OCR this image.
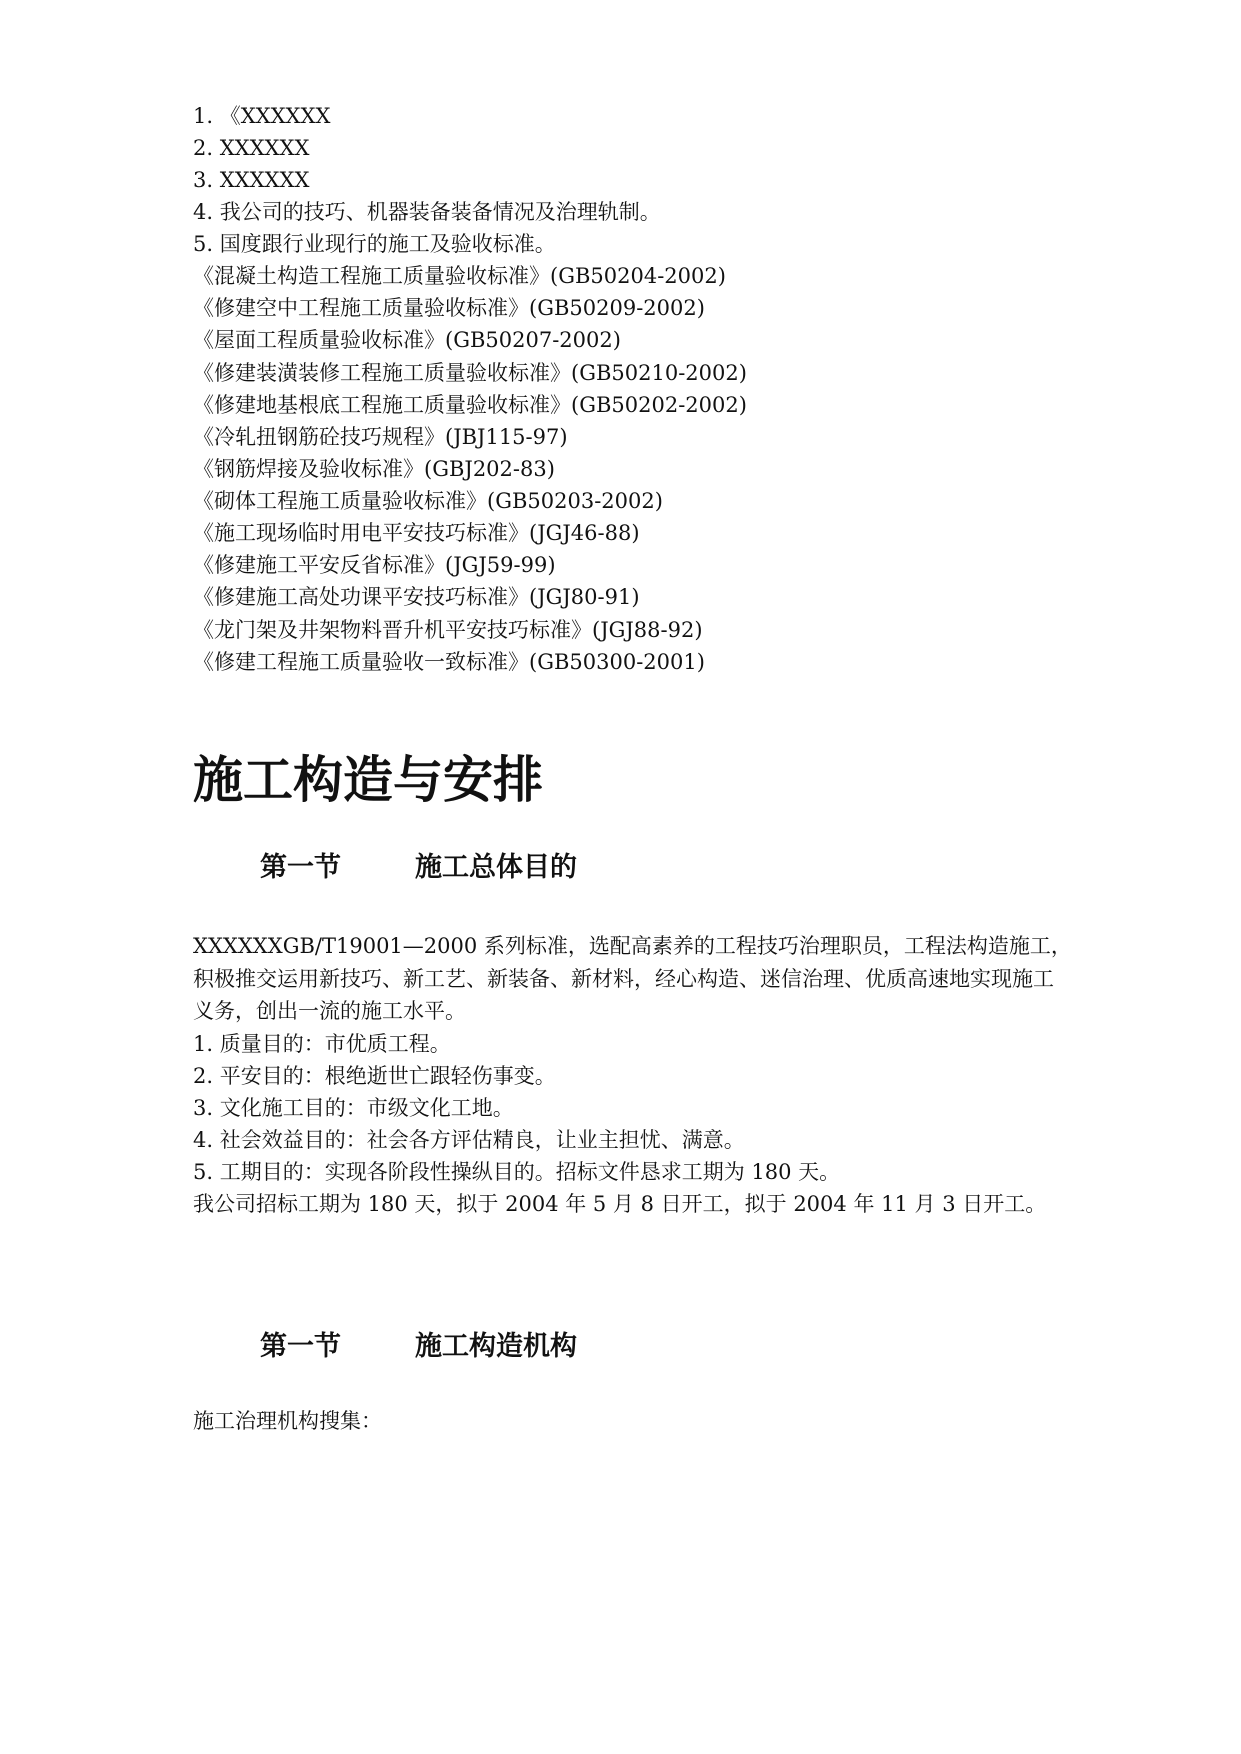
1. 《XXXXXX
2. XXXXXX
3. XXXXXX
4. 我公司的技巧、机器装备装备情况及治理轨制。
5. 国度跟行业现行的施工及验收标准。
《混凝土构造工程施工质量验收标准》(GB50204-2002)
《修建空中工程施工质量验收标准》(GB50209-2002)
《屋面工程质量验收标准》(GB50207-2002)
《修建装潢装修工程施工质量验收标准》(GB50210-2002)
《修建地基根底工程施工质量验收标准》(GB50202-2002)
《冷轧扭钢筋砼技巧规程》(JBJ115-97)
《钢筋焊接及验收标准》(GBJ202-83)
《砌体工程施工质量验收标准》(GB50203-2002)
《施工现场临时用电平安技巧标准》(JGJ46-88)
《修建施工平安反省标准》(JGJ59-99)
《修建施工高处功课平安技巧标准》(JGJ80-91)
《龙门架及井架物料晋升机平安技巧标准》(JGJ88-92)
《修建工程施工质量验收一致标准》(GB50300-2001)
施工构造与安排
第一节	施工总体目的
XXXXXXGB/T19001—2000 系列标准，选配高素养的工程技巧治理职员，工程法构造施工，积极推交运用新技巧、新工艺、新装备、新材料，经心构造、迷信治理、优质高速地实现施工义务，创出一流的施工水平。
1. 质量目的：市优质工程。
2. 平安目的：根绝逝世亡跟轻伤事变。
3. 文化施工目的：市级文化工地。
4. 社会效益目的：社会各方评估精良，让业主担忧、满意。
5. 工期目的：实现各阶段性操纵目的。招标文件恳求工期为 180 天。
我公司招标工期为 180 天，拟于 2004 年 5 月 8 日开工，拟于 2004 年 11 月 3 日开工。
第一节	施工构造机构
施工治理机构搜集：
